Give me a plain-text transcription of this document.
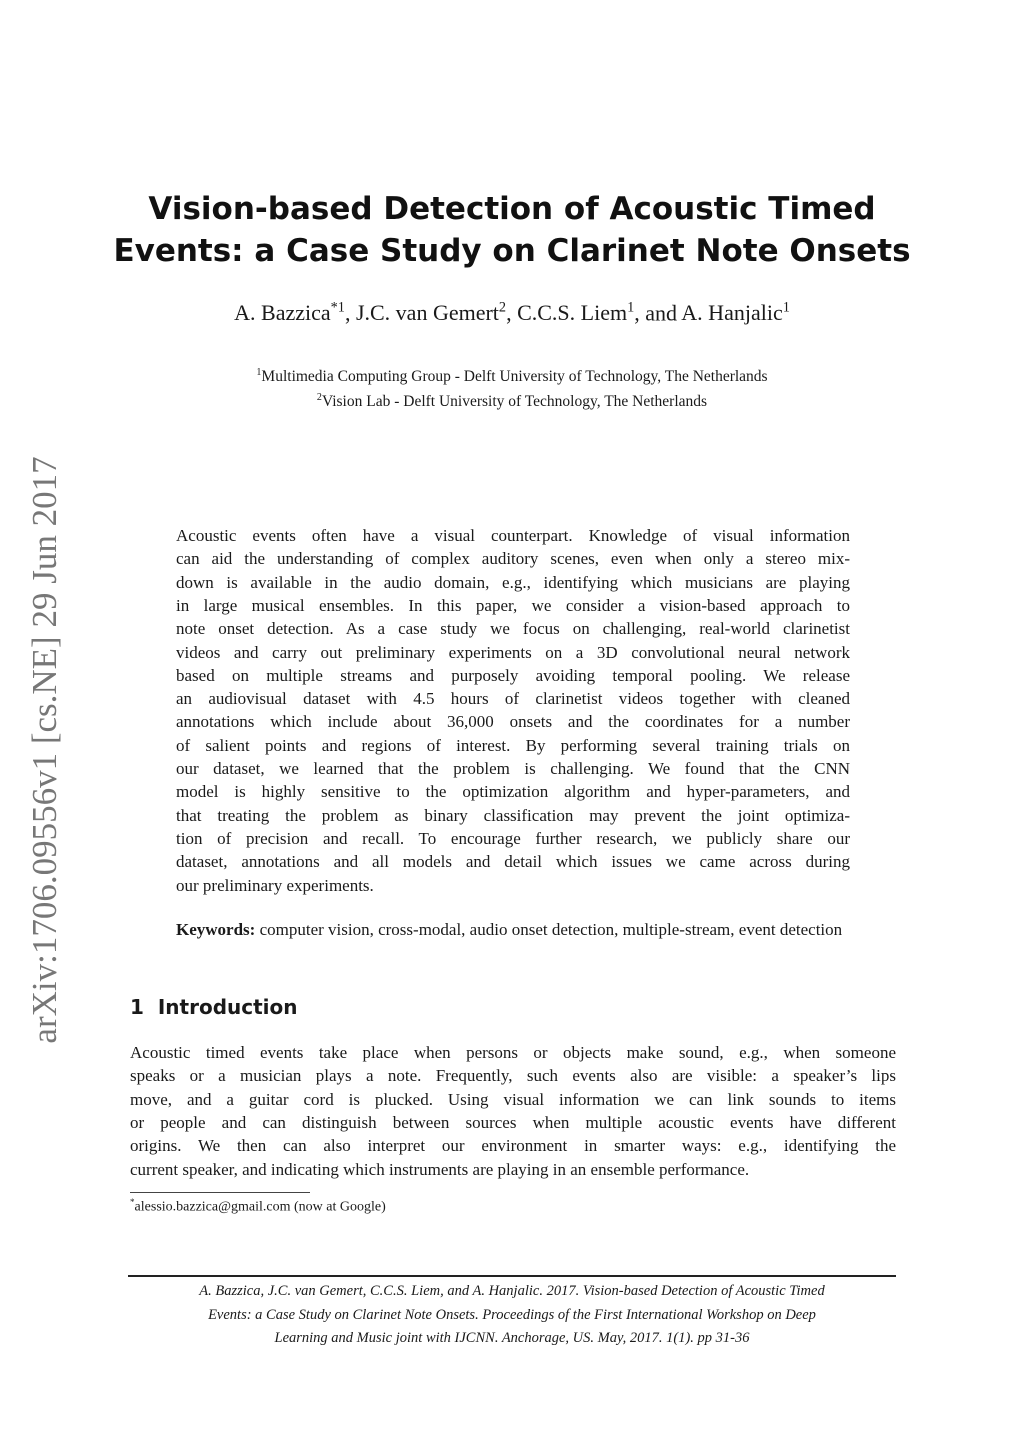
arXiv:1706.09556v1 [cs.NE] 29 Jun 2017
Vision-based Detection of Acoustic Timed
Events: a Case Study on Clarinet Note Onsets
A. Bazzica$^{*1}$, J.C. van Gemert$^2$, C.C.S. Liem$^1$, and A. Hanjalic$^1$
$^1$Multimedia Computing Group - Delft University of Technology, The Netherlands
$^2$Vision Lab - Delft University of Technology, The Netherlands
Acoustic events often have a visual counterpart. Knowledge of visual information
can aid the understanding of complex auditory scenes, even when only a stereo mix-
down is available in the audio domain, e.g., identifying which musicians are playing
in large musical ensembles. In this paper, we consider a vision-based approach to
note onset detection. As a case study we focus on challenging, real-world clarinetist
videos and carry out preliminary experiments on a 3D convolutional neural network
based on multiple streams and purposely avoiding temporal pooling. We release
an audiovisual dataset with 4.5 hours of clarinetist videos together with cleaned
annotations which include about 36,000 onsets and the coordinates for a number
of salient points and regions of interest. By performing several training trials on
our dataset, we learned that the problem is challenging. We found that the CNN
model is highly sensitive to the optimization algorithm and hyper-parameters, and
that treating the problem as binary classification may prevent the joint optimiza-
tion of precision and recall. To encourage further research, we publicly share our
dataset, annotations and all models and detail which issues we came across during
our preliminary experiments.
Keywords: computer vision, cross-modal, audio onset detection, multiple-stream, event detection
1 Introduction
Acoustic timed events take place when persons or objects make sound, e.g., when someone
speaks or a musician plays a note. Frequently, such events also are visible: a speaker’s lips
move, and a guitar cord is plucked. Using visual information we can link sounds to items
or people and can distinguish between sources when multiple acoustic events have different
origins. We then can also interpret our environment in smarter ways: e.g., identifying the
current speaker, and indicating which instruments are playing in an ensemble performance.
*alessio.bazzica@gmail.com (now at Google)
A. Bazzica, J.C. van Gemert, C.C.S. Liem, and A. Hanjalic. 2017. Vision-based Detection of Acoustic Timed
Events: a Case Study on Clarinet Note Onsets. Proceedings of the First International Workshop on Deep
Learning and Music joint with IJCNN. Anchorage, US. May, 2017. 1(1). pp 31-36
